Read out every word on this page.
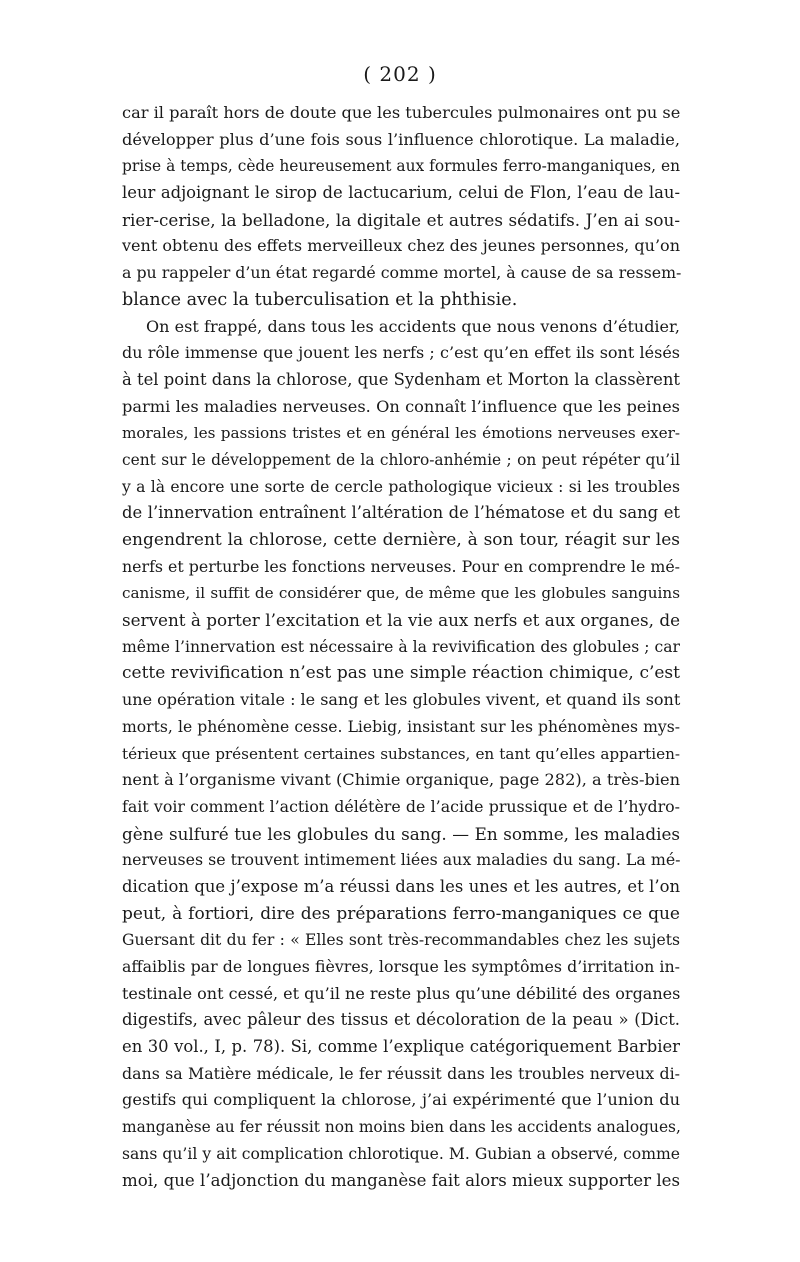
( 202 )
car il paraît hors de doute que les tubercules pulmonaires ont pu se
développer plus d’une fois sous l’influence chlorotique. La maladie,
prise à temps, cède heureusement aux formules ferro-manganiques, en
leur adjoignant le sirop de lactucarium, celui de Flon, l’eau de lau-
rier-cerise, la belladone, la digitale et autres sédatifs. J’en ai sou-
vent obtenu des effets merveilleux chez des jeunes personnes, qu’on
a pu rappeler d’un état regardé comme mortel, à cause de sa ressem-
blance avec la tuberculisation et la phthisie.
On est frappé, dans tous les accidents que nous venons d’étudier,
du rôle immense que jouent les nerfs ; c’est qu’en effet ils sont lésés
à tel point dans la chlorose, que Sydenham et Morton la classèrent
parmi les maladies nerveuses. On connaît l’influence que les peines
morales, les passions tristes et en général les émotions nerveuses exer-
cent sur le développement de la chloro-anhémie ; on peut répéter qu’il
y a là encore une sorte de cercle pathologique vicieux : si les troubles
de l’innervation entraînent l’altération de l’hématose et du sang et
engendrent la chlorose, cette dernière, à son tour, réagit sur les
nerfs et perturbe les fonctions nerveuses. Pour en comprendre le mé-
canisme, il suffit de considérer que, de même que les globules sanguins
servent à porter l’excitation et la vie aux nerfs et aux organes, de
même l’innervation est nécessaire à la revivification des globules ; car
cette revivification n’est pas une simple réaction chimique, c’est
une opération vitale : le sang et les globules vivent, et quand ils sont
morts, le phénomène cesse. Liebig, insistant sur les phénomènes mys-
térieux que présentent certaines substances, en tant qu’elles appartien-
nent à l’organisme vivant (Chimie organique, page 282), a très-bien
fait voir comment l’action délétère de l’acide prussique et de l’hydro-
gène sulfuré tue les globules du sang. — En somme, les maladies
nerveuses se trouvent intimement liées aux maladies du sang. La mé-
dication que j’expose m’a réussi dans les unes et les autres, et l’on
peut, à fortiori, dire des préparations ferro-manganiques ce que
Guersant dit du fer : « Elles sont très-recommandables chez les sujets
affaiblis par de longues fièvres, lorsque les symptômes d’irritation in-
testinale ont cessé, et qu’il ne reste plus qu’une débilité des organes
digestifs, avec pâleur des tissus et décoloration de la peau » (Dict.
en 30 vol., I, p. 78). Si, comme l’explique catégoriquement Barbier
dans sa Matière médicale, le fer réussit dans les troubles nerveux di-
gestifs qui compliquent la chlorose, j’ai expérimenté que l’union du
manganèse au fer réussit non moins bien dans les accidents analogues,
sans qu’il y ait complication chlorotique. M. Gubian a observé, comme
moi, que l’adjonction du manganèse fait alors mieux supporter les
